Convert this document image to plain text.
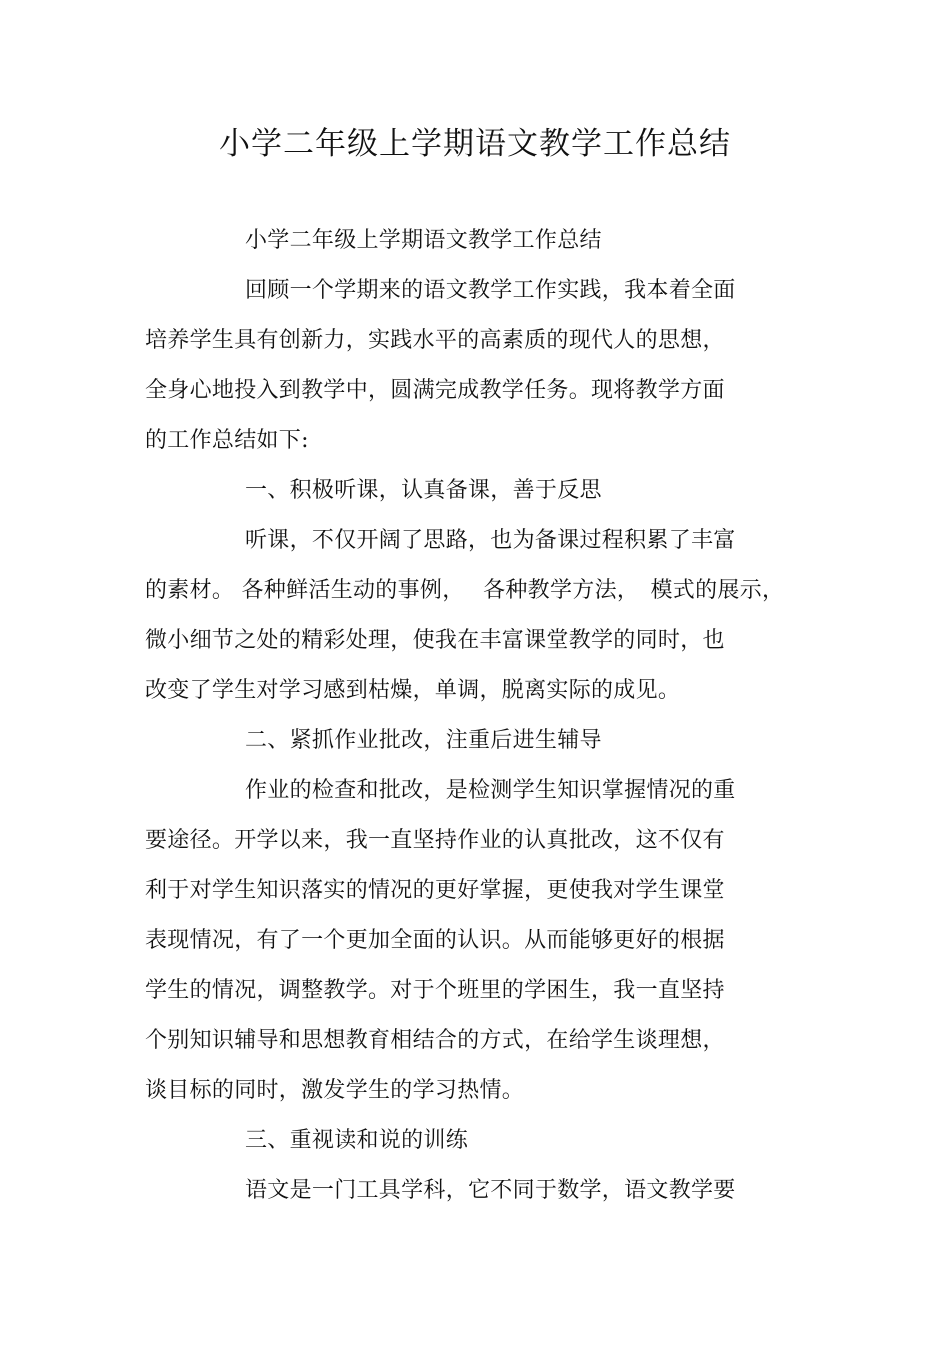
小学二年级上学期语文教学工作总结
小学二年级上学期语文教学工作总结
回顾一个学期来的语文教学工作实践，我本着全面
培养学生具有创新力，实践水平的高素质的现代人的思想，
全身心地投入到教学中，圆满完成教学任务。现将教学方面
的工作总结如下:
一、积极听课，认真备课，善于反思
听课，不仅开阔了思路，也为备课过程积累了丰富
的素材。 各种鲜活生动的事例，　 各种教学方法，　模式的展示，
微小细节之处的精彩处理，使我在丰富课堂教学的同时，也
改变了学生对学习感到枯燥，单调，脱离实际的成见。
二、紧抓作业批改，注重后进生辅导
作业的检查和批改，是检测学生知识掌握情况的重
要途径。开学以来，我一直坚持作业的认真批改，这不仅有
利于对学生知识落实的情况的更好掌握，更使我对学生课堂
表现情况，有了一个更加全面的认识。从而能够更好的根据
学生的情况，调整教学。对于个班里的学困生，我一直坚持
个别知识辅导和思想教育相结合的方式，在给学生谈理想，
谈目标的同时，激发学生的学习热情。
三、重视读和说的训练
语文是一门工具学科，它不同于数学，语文教学要
